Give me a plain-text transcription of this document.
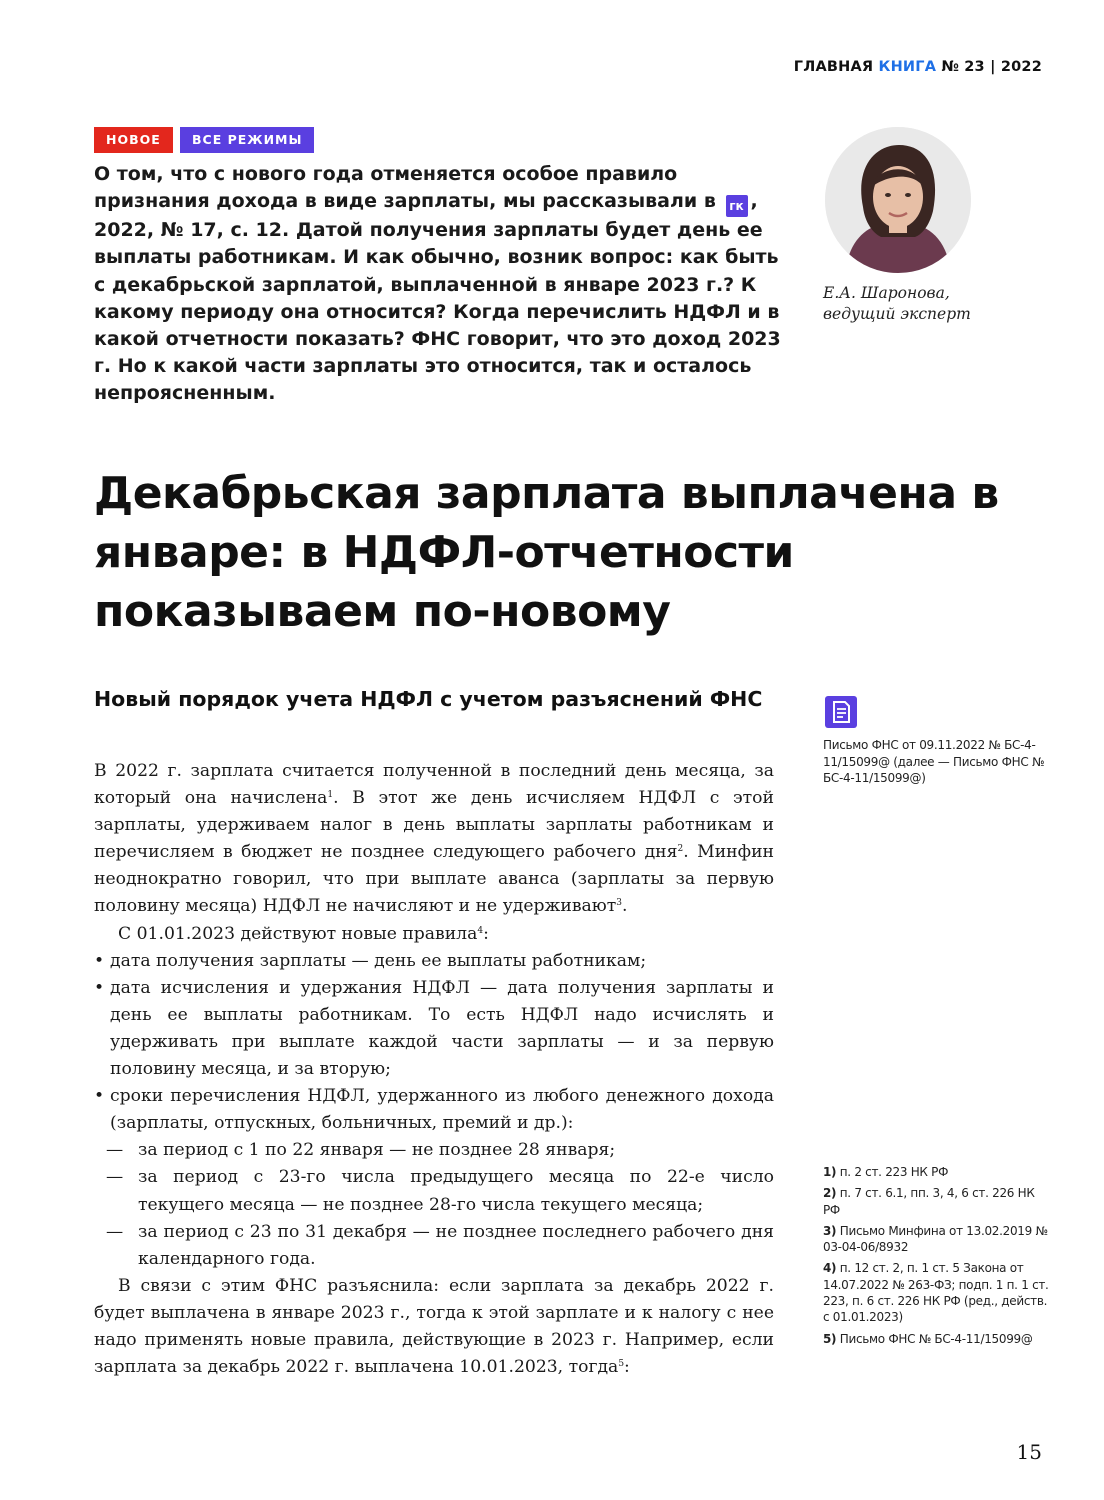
ГЛАВНАЯ КНИГА № 23 | 2022
НОВОЕ	ВСЕ РЕЖИМЫ
О том, что с нового года отменяется особое правило признания дохода в виде зарплаты, мы рассказывали в гк , 2022, № 17, с. 12. Датой получения зарплаты будет день ее выплаты работникам. И как обычно, возник вопрос: как быть с декабрьской зарплатой, выплаченной в январе 2023 г.? К какому периоду она относится? Когда перечислить НДФЛ и в какой отчетности показать? ФНС говорит, что это доход 2023 г. Но к какой части зарплаты это относится, так и осталось непроясненным.
Е.А. Шаронова,
ведущий эксперт
Декабрьская зарплата выплачена в январе: в НДФЛ-отчетности показываем по-новому
Новый порядок учета НДФЛ с учетом разъяснений ФНС

В 2022 г. зарплата считается полученной в последний день месяца, за который она начислена$^1$. В этот же день исчисляем НДФЛ с этой зарплаты, удерживаем налог в день выплаты зарплаты работникам и перечисляем в бюджет не позднее следующего рабочего дня$^2$. Минфин неоднократно говорил, что при выплате аванса (зарплаты за первую половину месяца) НДФЛ не начисляют и не удерживают$^3$.

С 01.01.2023 действуют новые правила$^4$:

• дата получения зарплаты — день ее выплаты работникам;
• дата исчисления и удержания НДФЛ — дата получения зарплаты и день ее выплаты работникам. То есть НДФЛ надо исчислять и удерживать при выплате каждой части зарплаты — и за первую половину месяца, и за вторую;
• сроки перечисления НДФЛ, удержанного из любого денежного дохода (зарплаты, отпускных, больничных, премий и др.):
— за период с 1 по 22 января — не позднее 28 января;
— за период с 23-го числа предыдущего месяца по 22-е число текущего месяца — не позднее 28-го числа текущего месяца;
— за период с 23 по 31 декабря — не позднее последнего рабочего дня календарного года.

В связи с этим ФНС разъяснила: если зарплата за декабрь 2022 г. будет выплачена в январе 2023 г., тогда к этой зарплате и к налогу с нее надо применять новые правила, действующие в 2023 г. Например, если зарплата за декабрь 2022 г. выплачена 10.01.2023, тогда$^5$:

Письмо ФНС от 09.11.2022 № БС-4-11/15099@ (далее — Письмо ФНС № БС-4-11/15099@)
1) п. 2 ст. 223 НК РФ
2) п. 7 ст. 6.1, пп. 3, 4, 6 ст. 226 НК РФ
3) Письмо Минфина от 13.02.2019 № 03-04-06/8932
4) п. 12 ст. 2, п. 1 ст. 5 Закона от 14.07.2022 № 263-ФЗ; подп. 1 п. 1 ст. 223, п. 6 ст. 226 НК РФ (ред., действ. с 01.01.2023)
5) Письмо ФНС № БС-4-11/15099@
15
